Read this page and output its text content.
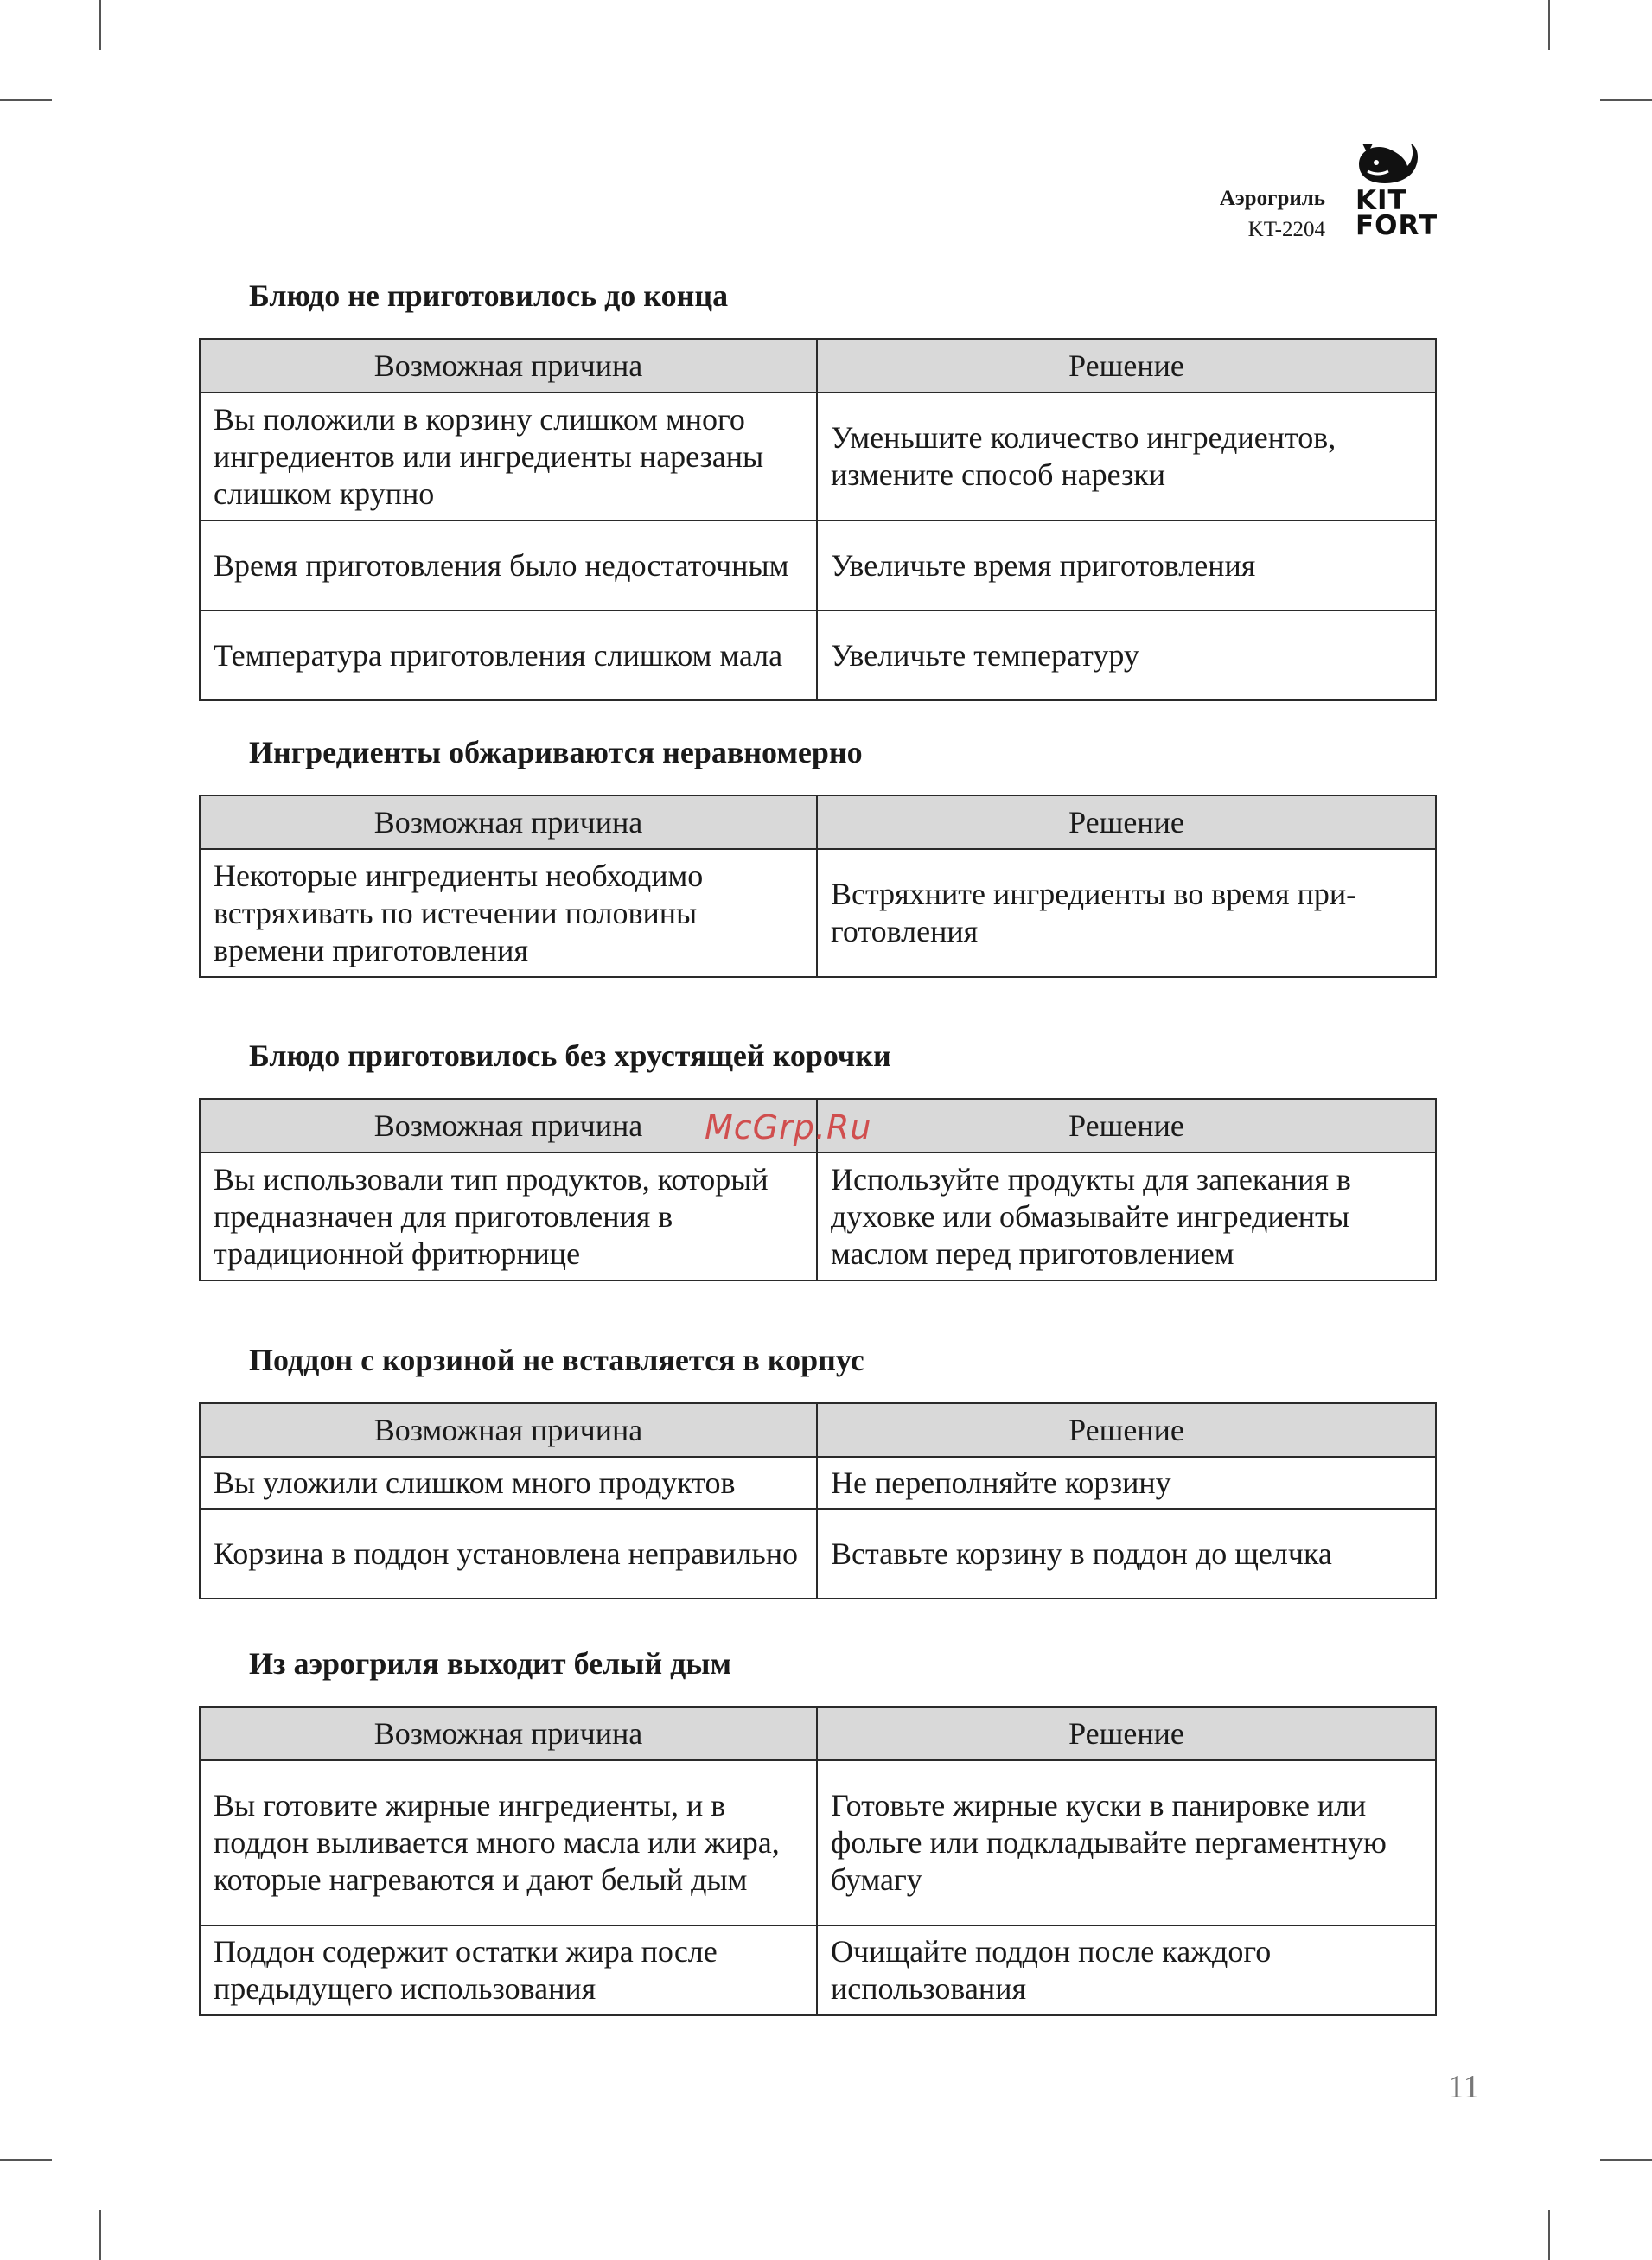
Аэрогриль
KT-2204
KIT
FORT
Блюдо не приготовилось до конца
Возможная причина	Решение
Вы положили в корзину слишком много ингредиентов или ингредиенты нарезаны слишком крупно	Уменьшите количество ингредиентов, измените способ нарезки
Время приготовления было недостаточным	Увеличьте время приготовления
Температура приготовления слишком мала	Увеличьте температуру
Ингредиенты обжариваются неравномерно
Возможная причина	Решение
Некоторые ингредиенты необходимо встряхивать по истечении половины времени приготовления	Встряхните ингредиенты во время приготовления
Блюдо приготовилось без хрустящей корочки
Возможная причина	Решение
Вы использовали тип продуктов, который предназначен для приготовления в традиционной фритюрнице	Используйте продукты для запекания в духовке или обмазывайте ингредиенты маслом перед приготовлением
Поддон с корзиной не вставляется в корпус
Возможная причина	Решение
Вы уложили слишком много продуктов	Не переполняйте корзину
Корзина в поддон установлена неправильно	Вставьте корзину в поддон до щелчка
Из аэрогриля выходит белый дым
Возможная причина	Решение
Вы готовите жирные ингредиенты, и в поддон выливается много масла или жира, которые нагреваются и дают белый дым	Готовьте жирные куски в панировке или фольге или подкладывайте пергаментную бумагу
Поддон содержит остатки жира после предыдущего использования	Очищайте поддон после каждого использования
McGrp.Ru
11
